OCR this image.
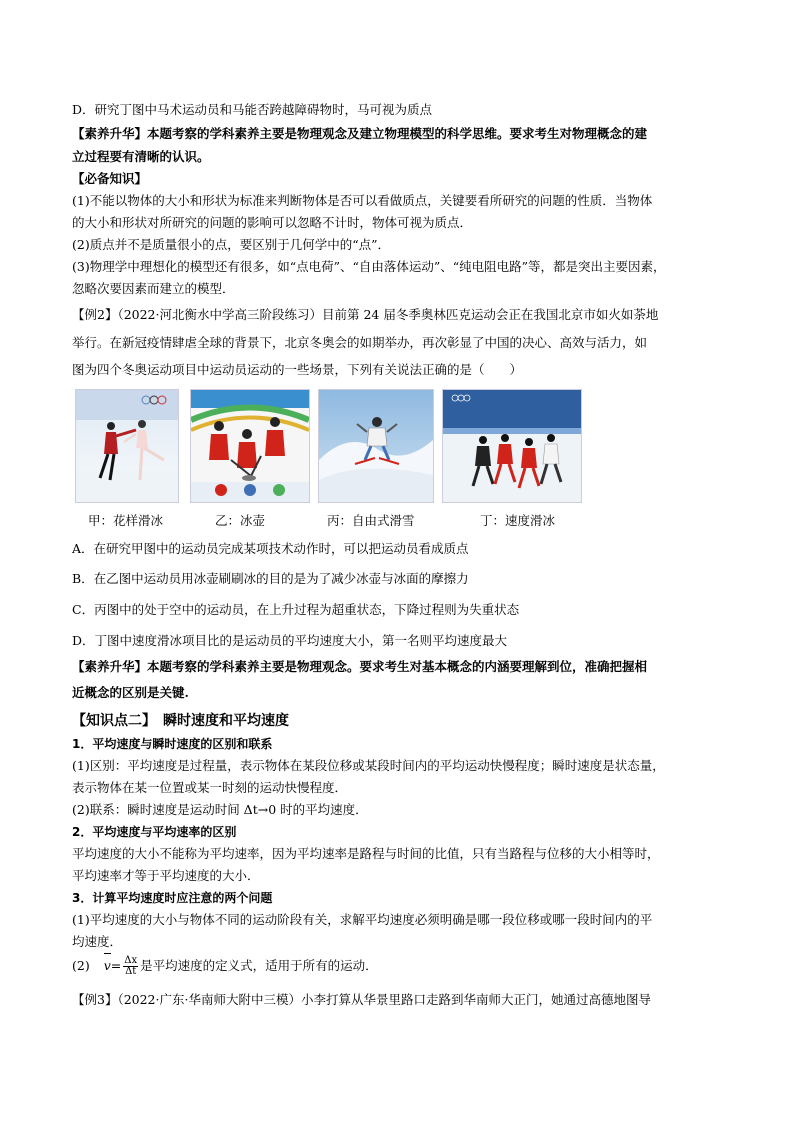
D．研究丁图中马术运动员和马能否跨越障碍物时，马可视为质点
【素养升华】本题考察的学科素养主要是物理观念及建立物理模型的科学思维。要求考生对物理概念的建
立过程要有清晰的认识。
【必备知识】
(1)不能以物体的大小和形状为标准来判断物体是否可以看做质点，关键要看所研究的问题的性质．当物体
的大小和形状对所研究的问题的影响可以忽略不计时，物体可视为质点．
(2)质点并不是质量很小的点，要区别于几何学中的“点”．
(3)物理学中理想化的模型还有很多，如“点电荷”、“自由落体运动”、“纯电阻电路”等，都是突出主要因素，
忽略次要因素而建立的模型．
【例2】（2022·河北衡水中学高三阶段练习）目前第 24 届冬季奥林匹克运动会正在我国北京市如火如荼地
举行。在新冠疫情肆虐全球的背景下，北京冬奥会的如期举办，再次彰显了中国的决心、高效与活力，如
图为四个冬奥运动项目中运动员运动的一些场景，下列有关说法正确的是（　　）
甲：花样滑冰	乙：冰壶	丙：自由式滑雪	丁：速度滑冰
A．在研究甲图中的运动员完成某项技术动作时，可以把运动员看成质点
B．在乙图中运动员用冰壶刷刷冰的目的是为了减少冰壶与冰面的摩擦力
C．丙图中的处于空中的运动员，在上升过程为超重状态，下降过程则为失重状态
D．丁图中速度滑冰项目比的是运动员的平均速度大小，第一名则平均速度最大
【素养升华】本题考察的学科素养主要是物理观念。要求考生对基本概念的内涵要理解到位，准确把握相
近概念的区别是关键.
【知识点二】　瞬时速度和平均速度
1．平均速度与瞬时速度的区别和联系
(1)区别：平均速度是过程量，表示物体在某段位移或某段时间内的平均运动快慢程度；瞬时速度是状态量，
表示物体在某一位置或某一时刻的运动快慢程度．
(2)联系：瞬时速度是运动时间 Δt→0 时的平均速度．
2．平均速度与平均速率的区别
平均速度的大小不能称为平均速率，因为平均速率是路程与时间的比值，只有当路程与位移的大小相等时，
平均速率才等于平均速度的大小．
3．计算平均速度时应注意的两个问题
(1)平均速度的大小与物体不同的运动阶段有关，求解平均速度必须明确是哪一段位移或哪一段时间内的平
均速度．
(2) $v= \frac{\Delta x}{\Delta t}$ 是平均速度的定义式，适用于所有的运动．
【例3】（2022·广东·华南师大附中三模）小李打算从华景里路口走路到华南师大正门，她通过高德地图导
